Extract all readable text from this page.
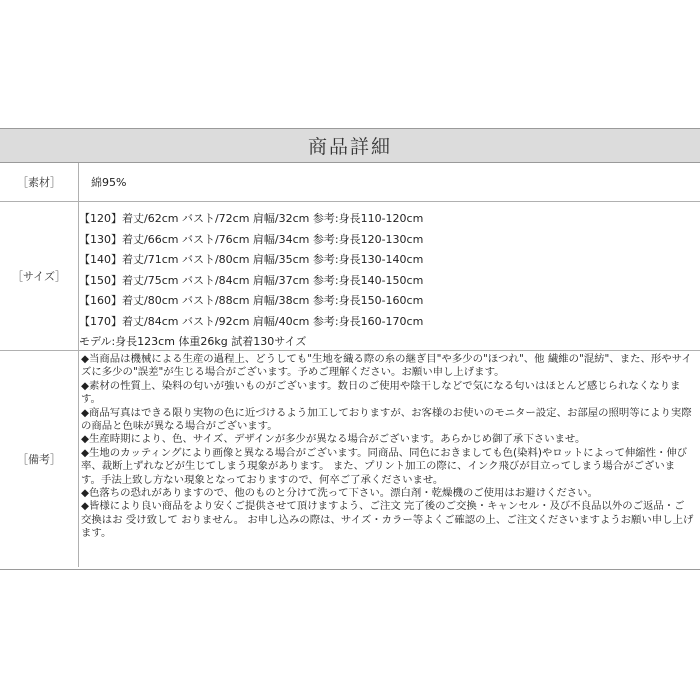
商品詳細
［素材］	綿95%
［サイズ］
【120】着丈/62cm バスト/72cm 肩幅/32cm 参考:身長110-120cm
【130】着丈/66cm バスト/76cm 肩幅/34cm 参考:身長120-130cm
【140】着丈/71cm バスト/80cm 肩幅/35cm 参考:身長130-140cm
【150】着丈/75cm バスト/84cm 肩幅/37cm 参考:身長140-150cm
【160】着丈/80cm バスト/88cm 肩幅/38cm 参考:身長150-160cm
【170】着丈/84cm バスト/92cm 肩幅/40cm 参考:身長160-170cm
モデル:身長123cm 体重26kg 試着130サイズ
［備考］

◆当商品は機械による生産の過程上、どうしても"生地を織る際の糸の継ぎ目"や多少の"ほつれ"、他 繊維の"混紡"、また、形やサイズに多少の"誤差"が生じる場合がございます。予めご理解ください。お願い申し上げます。

◆素材の性質上、染料の匂いが強いものがございます。数日のご使用や陰干しなどで気になる匂いはほとんど感じられなくなります。

◆商品写真はできる限り実物の色に近づけるよう加工しておりますが、お客様のお使いのモニター設定、お部屋の照明等により実際の商品と色味が異なる場合がございます。

◆生産時期により、色、サイズ、デザインが多少が異なる場合がございます。あらかじめ御了承下さいませ。

◆生地のカッティングにより画像と異なる場合がございます。同商品、同色におきましても色(染料)やロットによって伸縮性・伸び率、裁断上ずれなどが生じてしまう現象があります。 また、プリント加工の際に、インク飛びが目立ってしまう場合がございます。手法上致し方ない現象となっておりますので、何卒ご了承くださいませ。

◆色落ちの恐れがありますので、他のものと分けて洗って下さい。漂白剤・乾燥機のご使用はお避けください。

◆皆様により良い商品をより安くご提供させて頂けますよう、ご注文 完了後のご交換・キャンセル・及び不良品以外のご返品・ご交換はお 受け致して おりません。 お申し込みの際は、サイズ・カラー等よくご確認の上、ご注文くださいますようお願い申し上げます。
